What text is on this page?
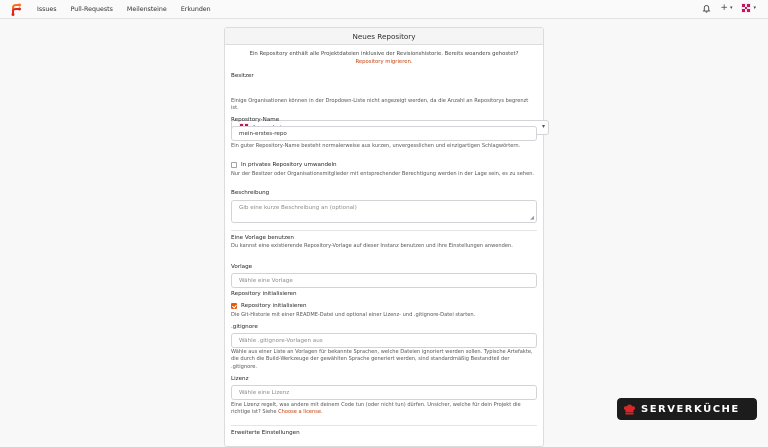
Issues Pull-Requests Meilensteine Erkunden	+ ▾	▾
Neues Repository
Ein Repository enthält alle Projektdateien inklusive der Revisionshistorie. Bereits woanders gehostet?
Repository migrieren.
Besitzer
▾
Einige Organisationen können in der Dropdown-Liste nicht angezeigt werden, da die Anzahl an Repositorys begrenzt ist.
Repository-Name
mein-erstes-repo
Ein guter Repository-Name besteht normalerweise aus kurzen, unvergesslichen und einzigartigen Schlagwörtern.
In privates Repository umwandeln
Nur der Besitzer oder Organisationsmitglieder mit entsprechender Berechtigung werden in der Lage sein, es zu sehen.
Beschreibung
Gib eine kurze Beschreibung an (optional)
◢
Eine Vorlage benutzen
Du kannst eine existierende Repository-Vorlage auf dieser Instanz benutzen und ihre Einstellungen anwenden.
Vorlage
Wähle eine Vorlage
Repository initialisieren
Repository initialisieren
Die Git-Historie mit einer README-Datei und optional einer Lizenz- und .gitignore-Datei starten.
.gitignore
Wähle .gitignore-Vorlagen aus
Wähle aus einer Liste an Vorlagen für bekannte Sprachen, welche Dateien ignoriert werden sollen. Typische Artefakte, die durch die Build-Werkzeuge der gewählten Sprache generiert werden, sind standardmäßig Bestandteil der .gitignore.
Lizenz
Wähle eine Lizenz
Eine Lizenz regelt, was andere mit deinem Code tun (oder nicht tun) dürfen. Unsicher, welche für dein Projekt die richtige ist? Siehe Choose a license.
Erweiterte Einstellungen
SERVERKÜCHE
